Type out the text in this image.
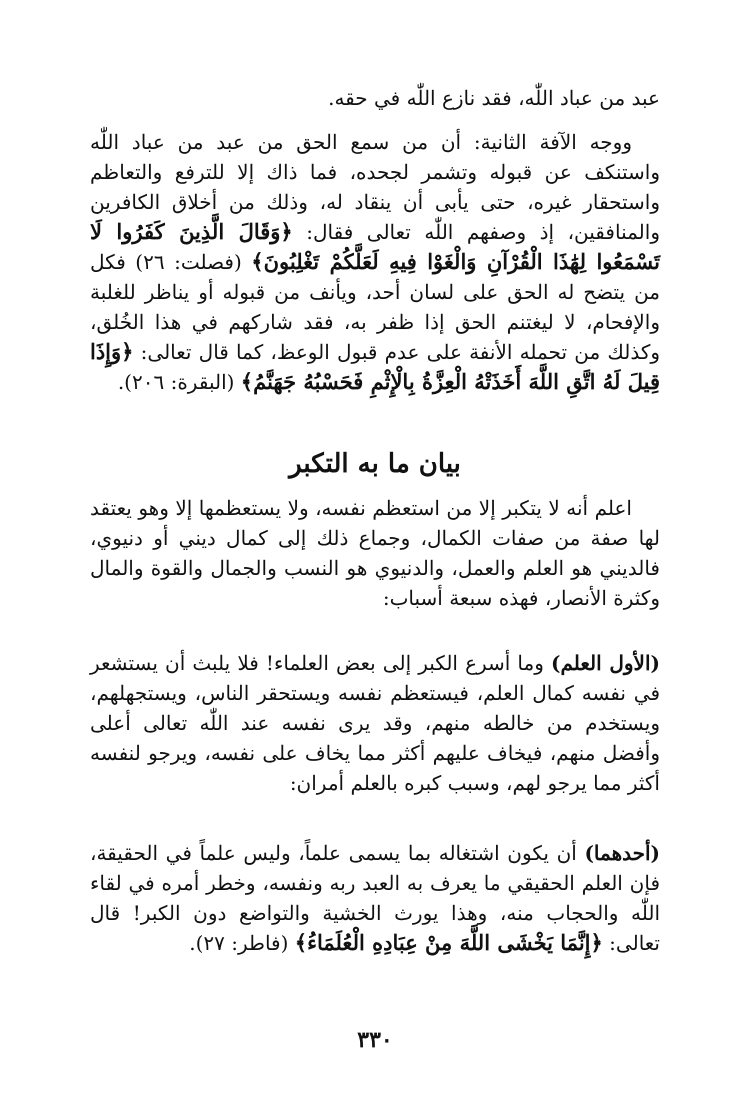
عبد من عباد اللّٰه، فقد نازع اللّٰه في حقه.

ووجه الآفة الثانية: أن من سمع الحق من عبد من عباد اللّٰه واستنكف عن قبوله وتشمر لجحده، فما ذاك إلا للترفع والتعاظم واستحقار غيره، حتى يأبى أن ينقاد له، وذلك من أخلاق الكافرين والمنافقين، إذ وصفهم اللّٰه تعالى فقال: ﴿وَقَالَ الَّذِينَ كَفَرُوا لَا تَسْمَعُوا لِهَٰذَا الْقُرْآنِ وَالْغَوْا فِيهِ لَعَلَّكُمْ تَغْلِبُونَ﴾ (فصلت: ٢٦) فكل من يتضح له الحق على لسان أحد، ويأنف من قبوله أو يناظر للغلبة والإفحام، لا ليغتنم الحق إذا ظفر به، فقد شاركهم في هذا الخُلق، وكذلك من تحمله الأنفة على عدم قبول الوعظ، كما قال تعالى: ﴿وَإِذَا قِيلَ لَهُ اتَّقِ اللَّهَ أَخَذَتْهُ الْعِزَّةُ بِالْإِثْمِ فَحَسْبُهُ جَهَنَّمُ﴾ (البقرة: ٢٠٦).

بيان ما به التكبر

اعلم أنه لا يتكبر إلا من استعظم نفسه، ولا يستعظمها إلا وهو يعتقد لها صفة من صفات الكمال، وجماع ذلك إلى كمال ديني أو دنيوي، فالديني هو العلم والعمل، والدنيوي هو النسب والجمال والقوة والمال وكثرة الأنصار، فهذه سبعة أسباب:

(الأول العلم) وما أسرع الكبر إلى بعض العلماء! فلا يلبث أن يستشعر في نفسه كمال العلم، فيستعظم نفسه ويستحقر الناس، ويستجهلهم، ويستخدم من خالطه منهم، وقد يرى نفسه عند اللّٰه تعالى أعلى وأفضل منهم، فيخاف عليهم أكثر مما يخاف على نفسه، ويرجو لنفسه أكثر مما يرجو لهم، وسبب كبره بالعلم أمران:

(أحدهما) أن يكون اشتغاله بما يسمى علماً، وليس علماً في الحقيقة، فإن العلم الحقيقي ما يعرف به العبد ربه ونفسه، وخطر أمره في لقاء اللّٰه والحجاب منه، وهذا يورث الخشية والتواضع دون الكبر! قال تعالى: ﴿إِنَّمَا يَخْشَى اللَّهَ مِنْ عِبَادِهِ الْعُلَمَاءُ﴾ (فاطر: ٢٧).

٣٣٠
